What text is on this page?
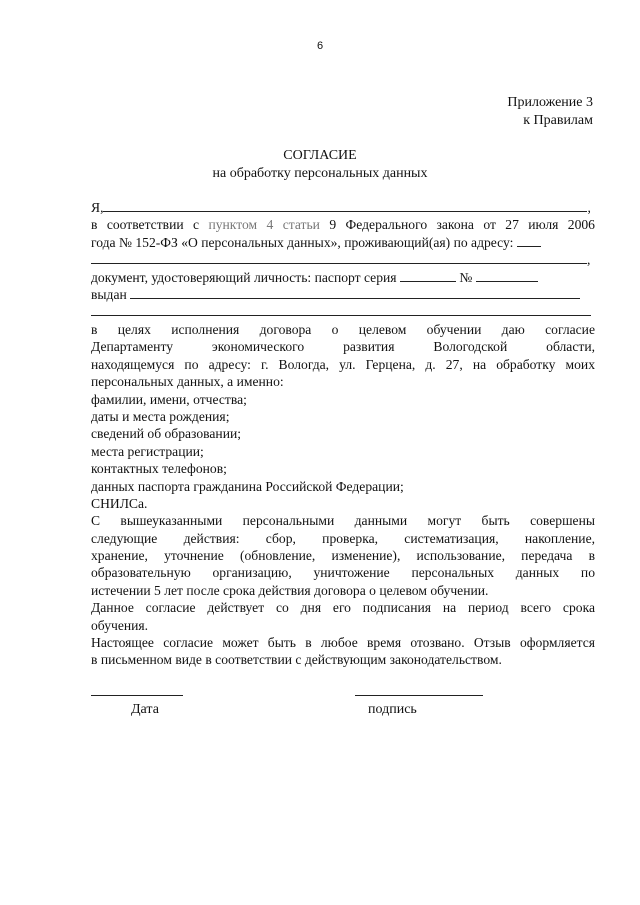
6
Приложение 3
к Правилам
СОГЛАСИЕ
на обработку персональных данных
Я,	,
в соответствии с пунктом 4 статьи 9 Федерального закона от 27 июля 2006
года № 152-ФЗ «О персональных данных», проживающий(ая) по адресу:
,
документ, удостоверяющий личность: паспорт серия	№
выдан
в целях исполнения договора о целевом обучении даю согласие
Департаменту экономического развития Вологодской области,
находящемуся по адресу: г. Вологда, ул. Герцена, д. 27, на обработку моих
персональных данных, а именно:
фамилии, имени, отчества;
даты и места рождения;
сведений об образовании;
места регистрации;
контактных телефонов;
данных паспорта гражданина Российской Федерации;
СНИЛСа.
С вышеуказанными персональными данными могут быть совершены
следующие действия: сбор, проверка, систематизация, накопление,
хранение, уточнение (обновление, изменение), использование, передача в
образовательную организацию, уничтожение персональных данных по
истечении 5 лет после срока действия договора о целевом обучении.
Данное согласие действует со дня его подписания на период всего срока
обучения.
Настоящее согласие может быть в любое время отозвано. Отзыв оформляется
в письменном виде в соответствии с действующим законодательством.
Дата	подпись
